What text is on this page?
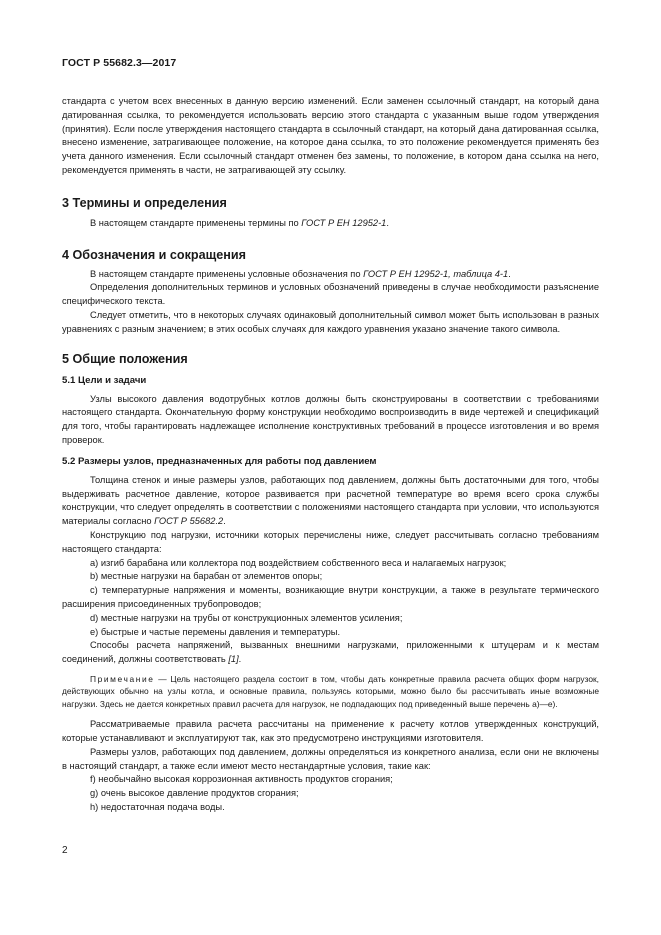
ГОСТ Р 55682.3—2017

стандарта с учетом всех внесенных в данную версию изменений. Если заменен ссылочный стандарт, на который дана датированная ссылка, то рекомендуется использовать версию этого стандарта с указанным выше годом утверждения (принятия). Если после утверждения настоящего стандарта в ссылочный стандарт, на который дана датированная ссылка, внесено изменение, затрагивающее положение, на которое дана ссылка, то это положение рекомендуется применять без учета данного изменения. Если ссылочный стандарт отменен без замены, то положение, в котором дана ссылка на него, рекомендуется применять в части, не затрагивающей эту ссылку.

3 Термины и определения

В настоящем стандарте применены термины по ГОСТ Р ЕН 12952-1.

4 Обозначения и сокращения

В настоящем стандарте применены условные обозначения по ГОСТ Р ЕН 12952-1, таблица 4-1.

Определения дополнительных терминов и условных обозначений приведены в случае необходимости разъяснение специфического текста.

Следует отметить, что в некоторых случаях одинаковый дополнительный символ может быть использован в разных уравнениях с разным значением; в этих особых случаях для каждого уравнения указано значение такого символа.

5 Общие положения
5.1 Цели и задачи

Узлы высокого давления водотрубных котлов должны быть сконструированы в соответствии с требованиями настоящего стандарта. Окончательную форму конструкции необходимо воспроизводить в виде чертежей и спецификаций для того, чтобы гарантировать надлежащее исполнение конструктивных требований в процессе изготовления и во время проверок.

5.2 Размеры узлов, предназначенных для работы под давлением

Толщина стенок и иные размеры узлов, работающих под давлением, должны быть достаточными для того, чтобы выдерживать расчетное давление, которое развивается при расчетной температуре во время всего срока службы конструкции, что следует определять в соответствии с положениями настоящего стандарта при условии, что используются материалы согласно ГОСТ Р 55682.2.

Конструкцию под нагрузки, источники которых перечислены ниже, следует рассчитывать согласно требованиям настоящего стандарта:

a) изгиб барабана или коллектора под воздействием собственного веса и налагаемых нагрузок;

b) местные нагрузки на барабан от элементов опоры;

c) температурные напряжения и моменты, возникающие внутри конструкции, а также в результате термического расширения присоединенных трубопроводов;

d) местные нагрузки на трубы от конструкционных элементов усиления;

e) быстрые и частые перемены давления и температуры.

Способы расчета напряжений, вызванных внешними нагрузками, приложенными к штуцерам и к местам соединений, должны соответствовать [1].

Примечание — Цель настоящего раздела состоит в том, чтобы дать конкретные правила расчета общих форм нагрузок, действующих обычно на узлы котла, и основные правила, пользуясь которыми, можно было бы рассчитывать иные возможные нагрузки. Здесь не дается конкретных правил расчета для нагрузок, не подпадающих под приведенный выше перечень а)—е).

Рассматриваемые правила расчета рассчитаны на применение к расчету котлов утвержденных конструкций, которые устанавливают и эксплуатируют так, как это предусмотрено инструкциями изготовителя.

Размеры узлов, работающих под давлением, должны определяться из конкретного анализа, если они не включены в настоящий стандарт, а также если имеют место нестандартные условия, такие как:

f) необычайно высокая коррозионная активность продуктов сгорания;

g) очень высокое давление продуктов сгорания;

h) недостаточная подача воды.

2
